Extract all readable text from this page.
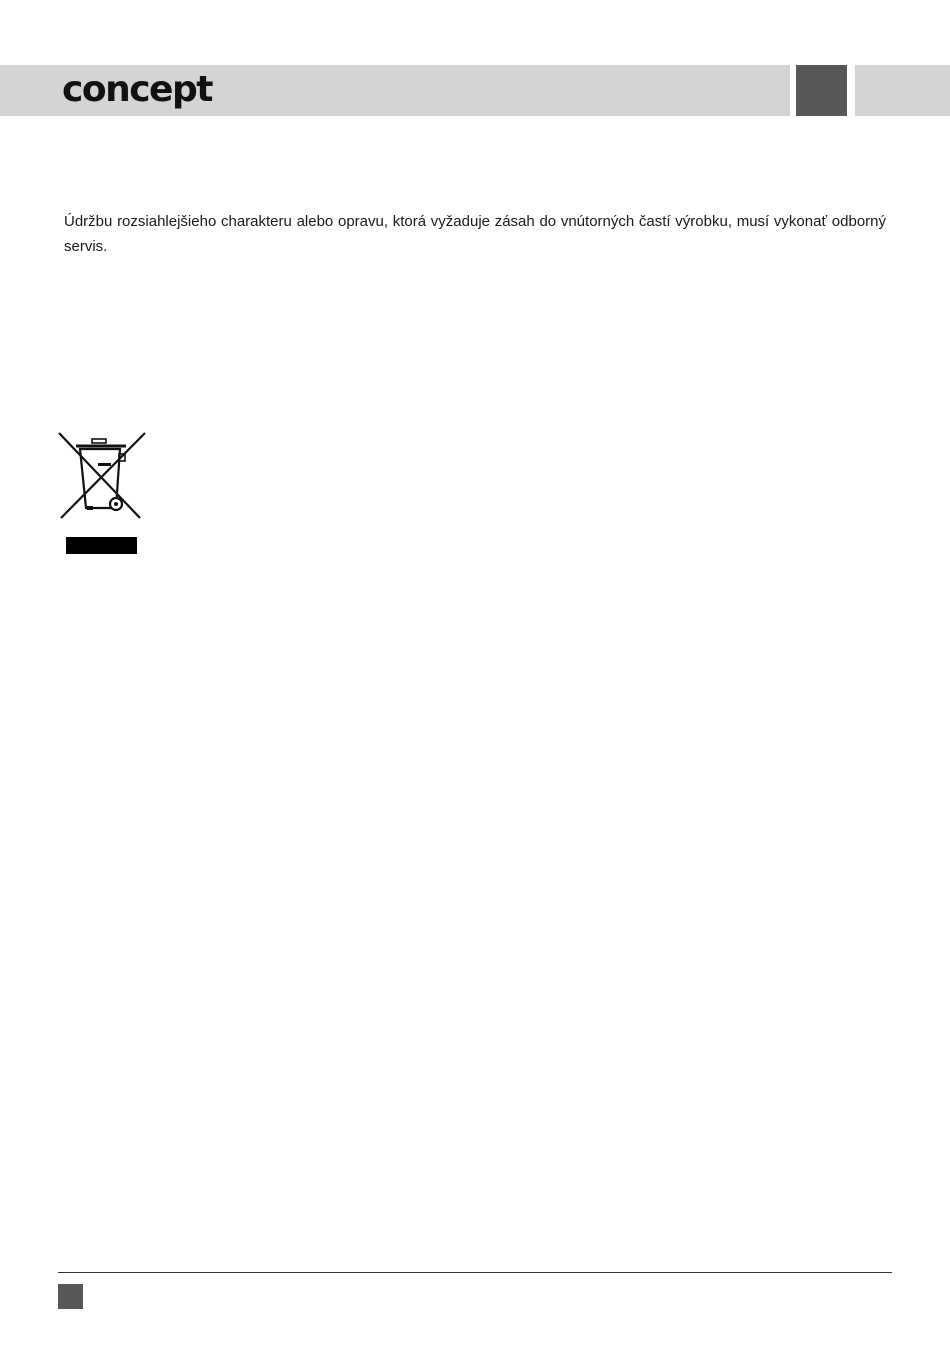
concept

Údržbu rozsiahlejšieho charakteru alebo opravu, ktorá vyžaduje zásah do vnútorných častí výrobku, musí vykonať odborný servis.
